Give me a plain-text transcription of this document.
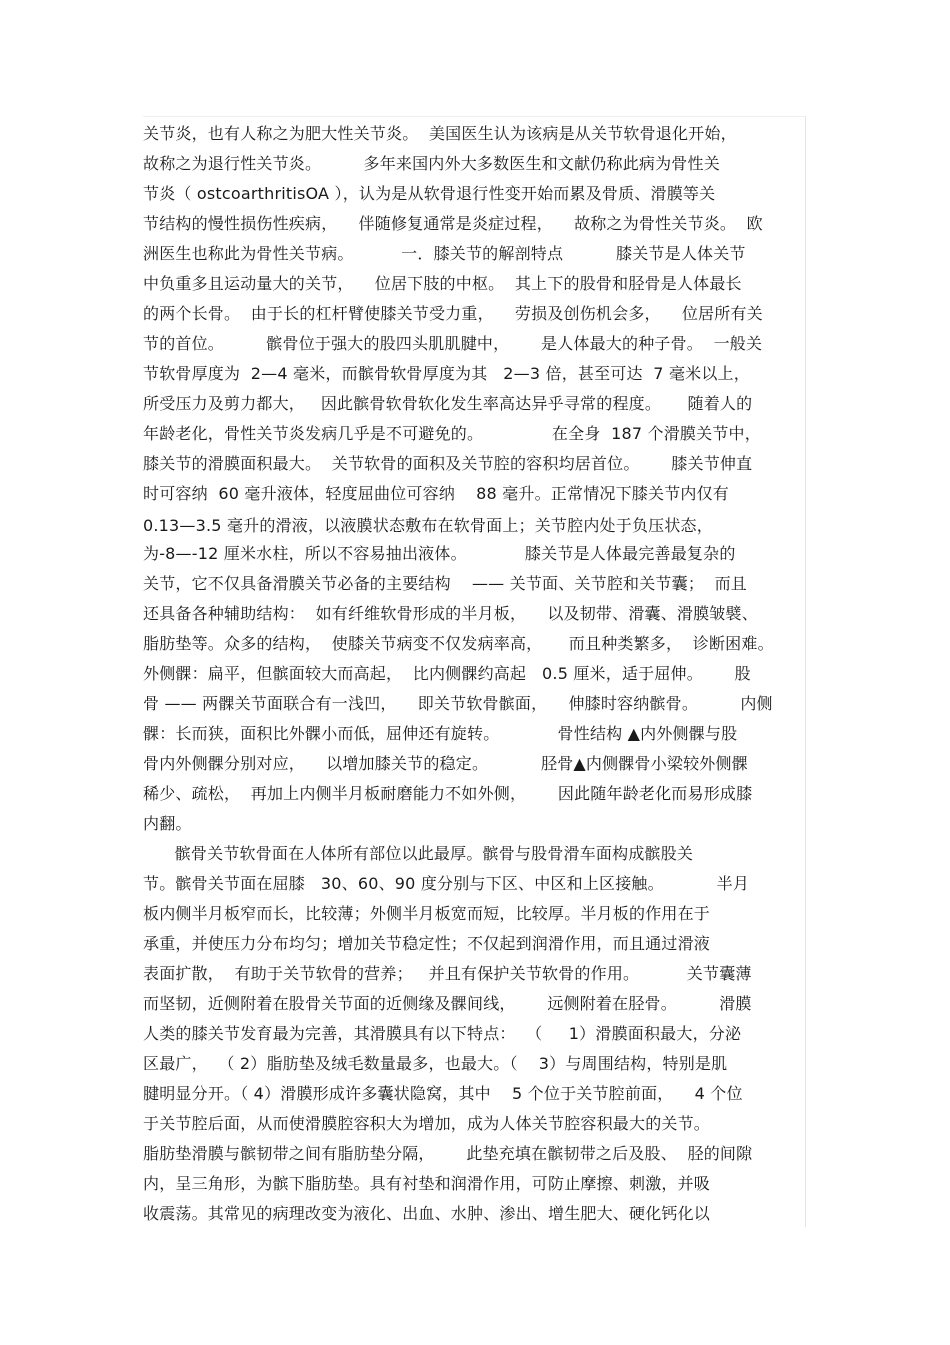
关节炎，也有人称之为肥大性关节炎。  美国医生认为该病是从关节软骨退化开始，
故称之为退行性关节炎。        多年来国内外大多数医生和文献仍称此病为骨性关
节炎（ ostcoarthritisOA ），认为是从软骨退行性变开始而累及骨质、滑膜等关
节结构的慢性损伤性疾病，    伴随修复通常是炎症过程，    故称之为骨性关节炎。  欧
洲医生也称此为骨性关节病。         一．膝关节的解剖特点          膝关节是人体关节
中负重多且运动量大的关节，    位居下肢的中枢。  其上下的股骨和胫骨是人体最长
的两个长骨。  由于长的杠杆臂使膝关节受力重，    劳损及创伤机会多，    位居所有关
节的首位。        髌骨位于强大的股四头肌肌腱中，      是人体最大的种子骨。  一般关
节软骨厚度为  2—4 毫米，而髌骨软骨厚度为其   2—3 倍，甚至可达  7 毫米以上，
所受压力及剪力都大，   因此髌骨软骨软化发生率高达异乎寻常的程度。     随着人的
年龄老化，骨性关节炎发病几乎是不可避免的。             在全身  187 个滑膜关节中，
膝关节的滑膜面积最大。  关节软骨的面积及关节腔的容积均居首位。      膝关节伸直
时可容纳  60 毫升液体，轻度屈曲位可容纳    88 毫升。正常情况下膝关节内仅有
0.13—3.5 毫升的滑液，以液膜状态敷布在软骨面上；关节腔内处于负压状态，
为-8—-12 厘米水柱，所以不容易抽出液体。           膝关节是人体最完善最复杂的
关节，它不仅具备滑膜关节必备的主要结构    —— 关节面、关节腔和关节囊；  而且
还具备各种辅助结构：  如有纤维软骨形成的半月板，    以及韧带、滑囊、滑膜皱襞、
脂肪垫等。众多的结构，  使膝关节病变不仅发病率高，     而且种类繁多，  诊断困难。
外侧髁：扁平，但髌面较大而高起，  比内侧髁约高起   0.5 厘米，适于屈伸。      股
骨 —— 两髁关节面联合有一浅凹，    即关节软骨髌面，    伸膝时容纳髌骨。        内侧
髁：长而狭，面积比外髁小而低，屈伸还有旋转。           骨性结构 ▲内外侧髁与股
骨内外侧髁分别对应，    以增加膝关节的稳定。          胫骨▲内侧髁骨小梁较外侧髁
稀少、疏松，  再加上内侧半月板耐磨能力不如外侧，      因此随年龄老化而易形成膝
内翻。
髌骨关节软骨面在人体所有部位以此最厚。髌骨与股骨滑车面构成髌股关
节。髌骨关节面在屈膝   30、60、90 度分别与下区、中区和上区接触。          半月
板内侧半月板窄而长，比较薄；外侧半月板宽而短，比较厚。半月板的作用在于
承重，并使压力分布均匀；增加关节稳定性；不仅起到润滑作用，而且通过滑液
表面扩散，  有助于关节软骨的营养；   并且有保护关节软骨的作用。         关节囊薄
而坚韧，近侧附着在股骨关节面的近侧缘及髁间线，      远侧附着在胫骨。        滑膜
人类的膝关节发育最为完善，其滑膜具有以下特点：  （     1）滑膜面积最大，分泌
区最广，  （ 2）脂肪垫及绒毛数量最多，也最大。（    3）与周围结构，特别是肌
腱明显分开。（ 4）滑膜形成许多囊状隐窝，其中    5 个位于关节腔前面，    4 个位
于关节腔后面，从而使滑膜腔容积大为增加，成为人体关节腔容积最大的关节。
脂肪垫滑膜与髌韧带之间有脂肪垫分隔，      此垫充填在髌韧带之后及股、  胫的间隙
内，呈三角形，为髌下脂肪垫。具有衬垫和润滑作用，可防止摩擦、刺激，并吸
收震荡。其常见的病理改变为液化、出血、水肿、渗出、增生肥大、硬化钙化以
